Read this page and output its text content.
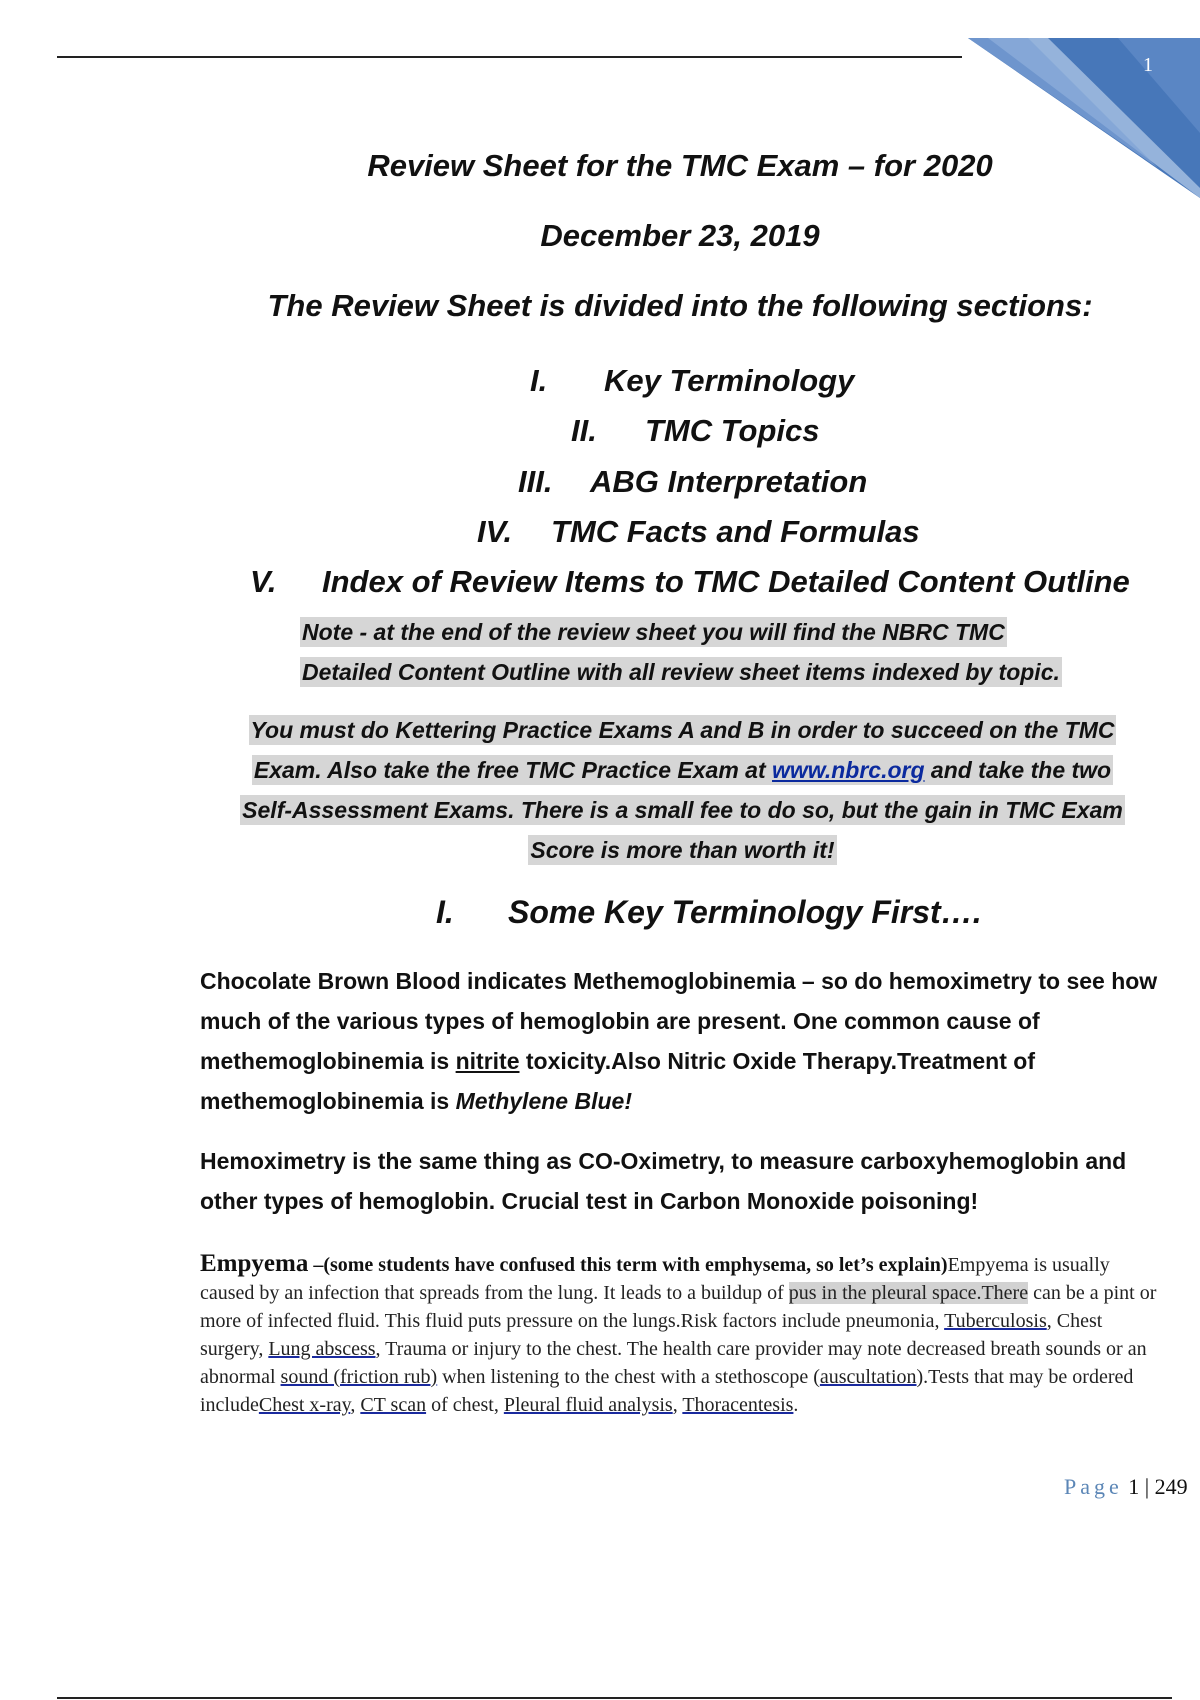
1
Review Sheet for the TMC Exam – for 2020
December 23, 2019
The Review Sheet is divided into the following sections:
I. Key Terminology
II. TMC Topics
III. ABG Interpretation
IV. TMC Facts and Formulas
V. Index of Review Items to TMC Detailed Content Outline
Note - at the end of the review sheet you will find the NBRC TMC
Detailed Content Outline with all review sheet items indexed by topic.
You must do Kettering Practice Exams A and B in order to succeed on the TMC
Exam. Also take the free TMC Practice Exam at www.nbrc.org and take the two
Self-Assessment Exams. There is a small fee to do so, but the gain in TMC Exam
Score is more than worth it!
I. Some Key Terminology First….
Chocolate Brown Blood indicates Methemoglobinemia – so do hemoximetry to see how much of the various types of hemoglobin are present. One common cause of methemoglobinemia is nitrite toxicity.Also Nitric Oxide Therapy.Treatment of methemoglobinemia is Methylene Blue!
Hemoximetry is the same thing as CO-Oximetry, to measure carboxyhemoglobin and other types of hemoglobin. Crucial test in Carbon Monoxide poisoning!
Empyema –(some students have confused this term with emphysema, so let’s explain)Empyema is usually caused by an infection that spreads from the lung. It leads to a buildup of pus in the pleural space.There can be a pint or more of infected fluid. This fluid puts pressure on the lungs.Risk factors include pneumonia, Tuberculosis, Chest surgery, Lung abscess, Trauma or injury to the chest. The health care provider may note decreased breath sounds or an abnormal sound (friction rub) when listening to the chest with a stethoscope (auscultation).Tests that may be ordered includeChest x-ray, CT scan of chest, Pleural fluid analysis, Thoracentesis.
Page 1 | 249
